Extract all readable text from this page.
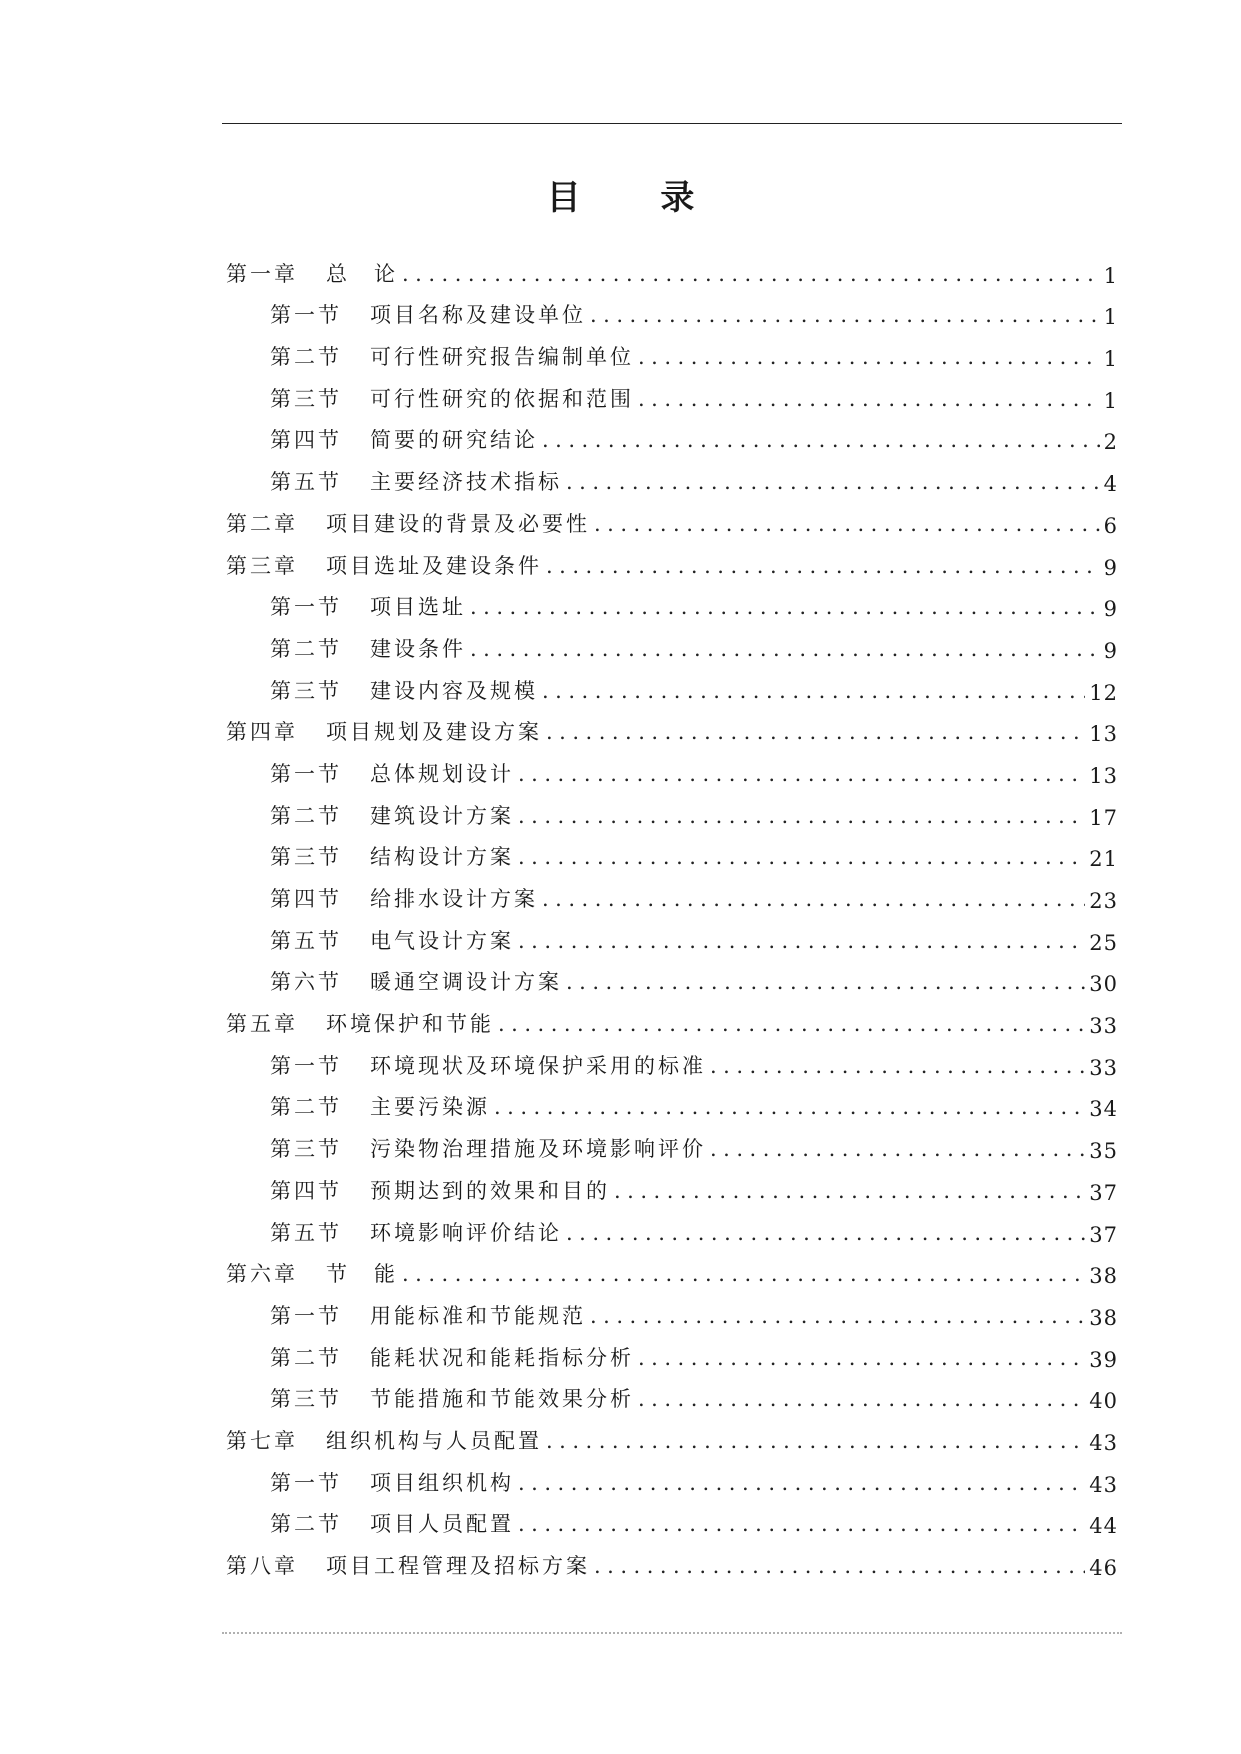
目 录
第一章	总　论 .....	1
第一节	项目名称及建设单位 .....	1
第二节	可行性研究报告编制单位 .....	1
第三节	可行性研究的依据和范围 .....	1
第四节	简要的研究结论 .....	2
第五节	主要经济技术指标 .....	4
第二章	项目建设的背景及必要性 .....	6
第三章	项目选址及建设条件 .....	9
第一节	项目选址 .....	9
第二节	建设条件 .....	9
第三节	建设内容及规模 .....	12
第四章	项目规划及建设方案 .....	13
第一节	总体规划设计 .....	13
第二节	建筑设计方案 .....	17
第三节	结构设计方案 .....	21
第四节	给排水设计方案 .....	23
第五节	电气设计方案 .....	25
第六节	暖通空调设计方案 .....	30
第五章	环境保护和节能 .....	33
第一节	环境现状及环境保护采用的标准 .....	33
第二节	主要污染源 .....	34
第三节	污染物治理措施及环境影响评价 .....	35
第四节	预期达到的效果和目的 .....	37
第五节	环境影响评价结论 .....	37
第六章	节　能 .....	38
第一节	用能标准和节能规范 .....	38
第二节	能耗状况和能耗指标分析 .....	39
第三节	节能措施和节能效果分析 .....	40
第七章	组织机构与人员配置 .....	43
第一节	项目组织机构 .....	43
第二节	项目人员配置 .....	44
第八章	项目工程管理及招标方案 .....	46
